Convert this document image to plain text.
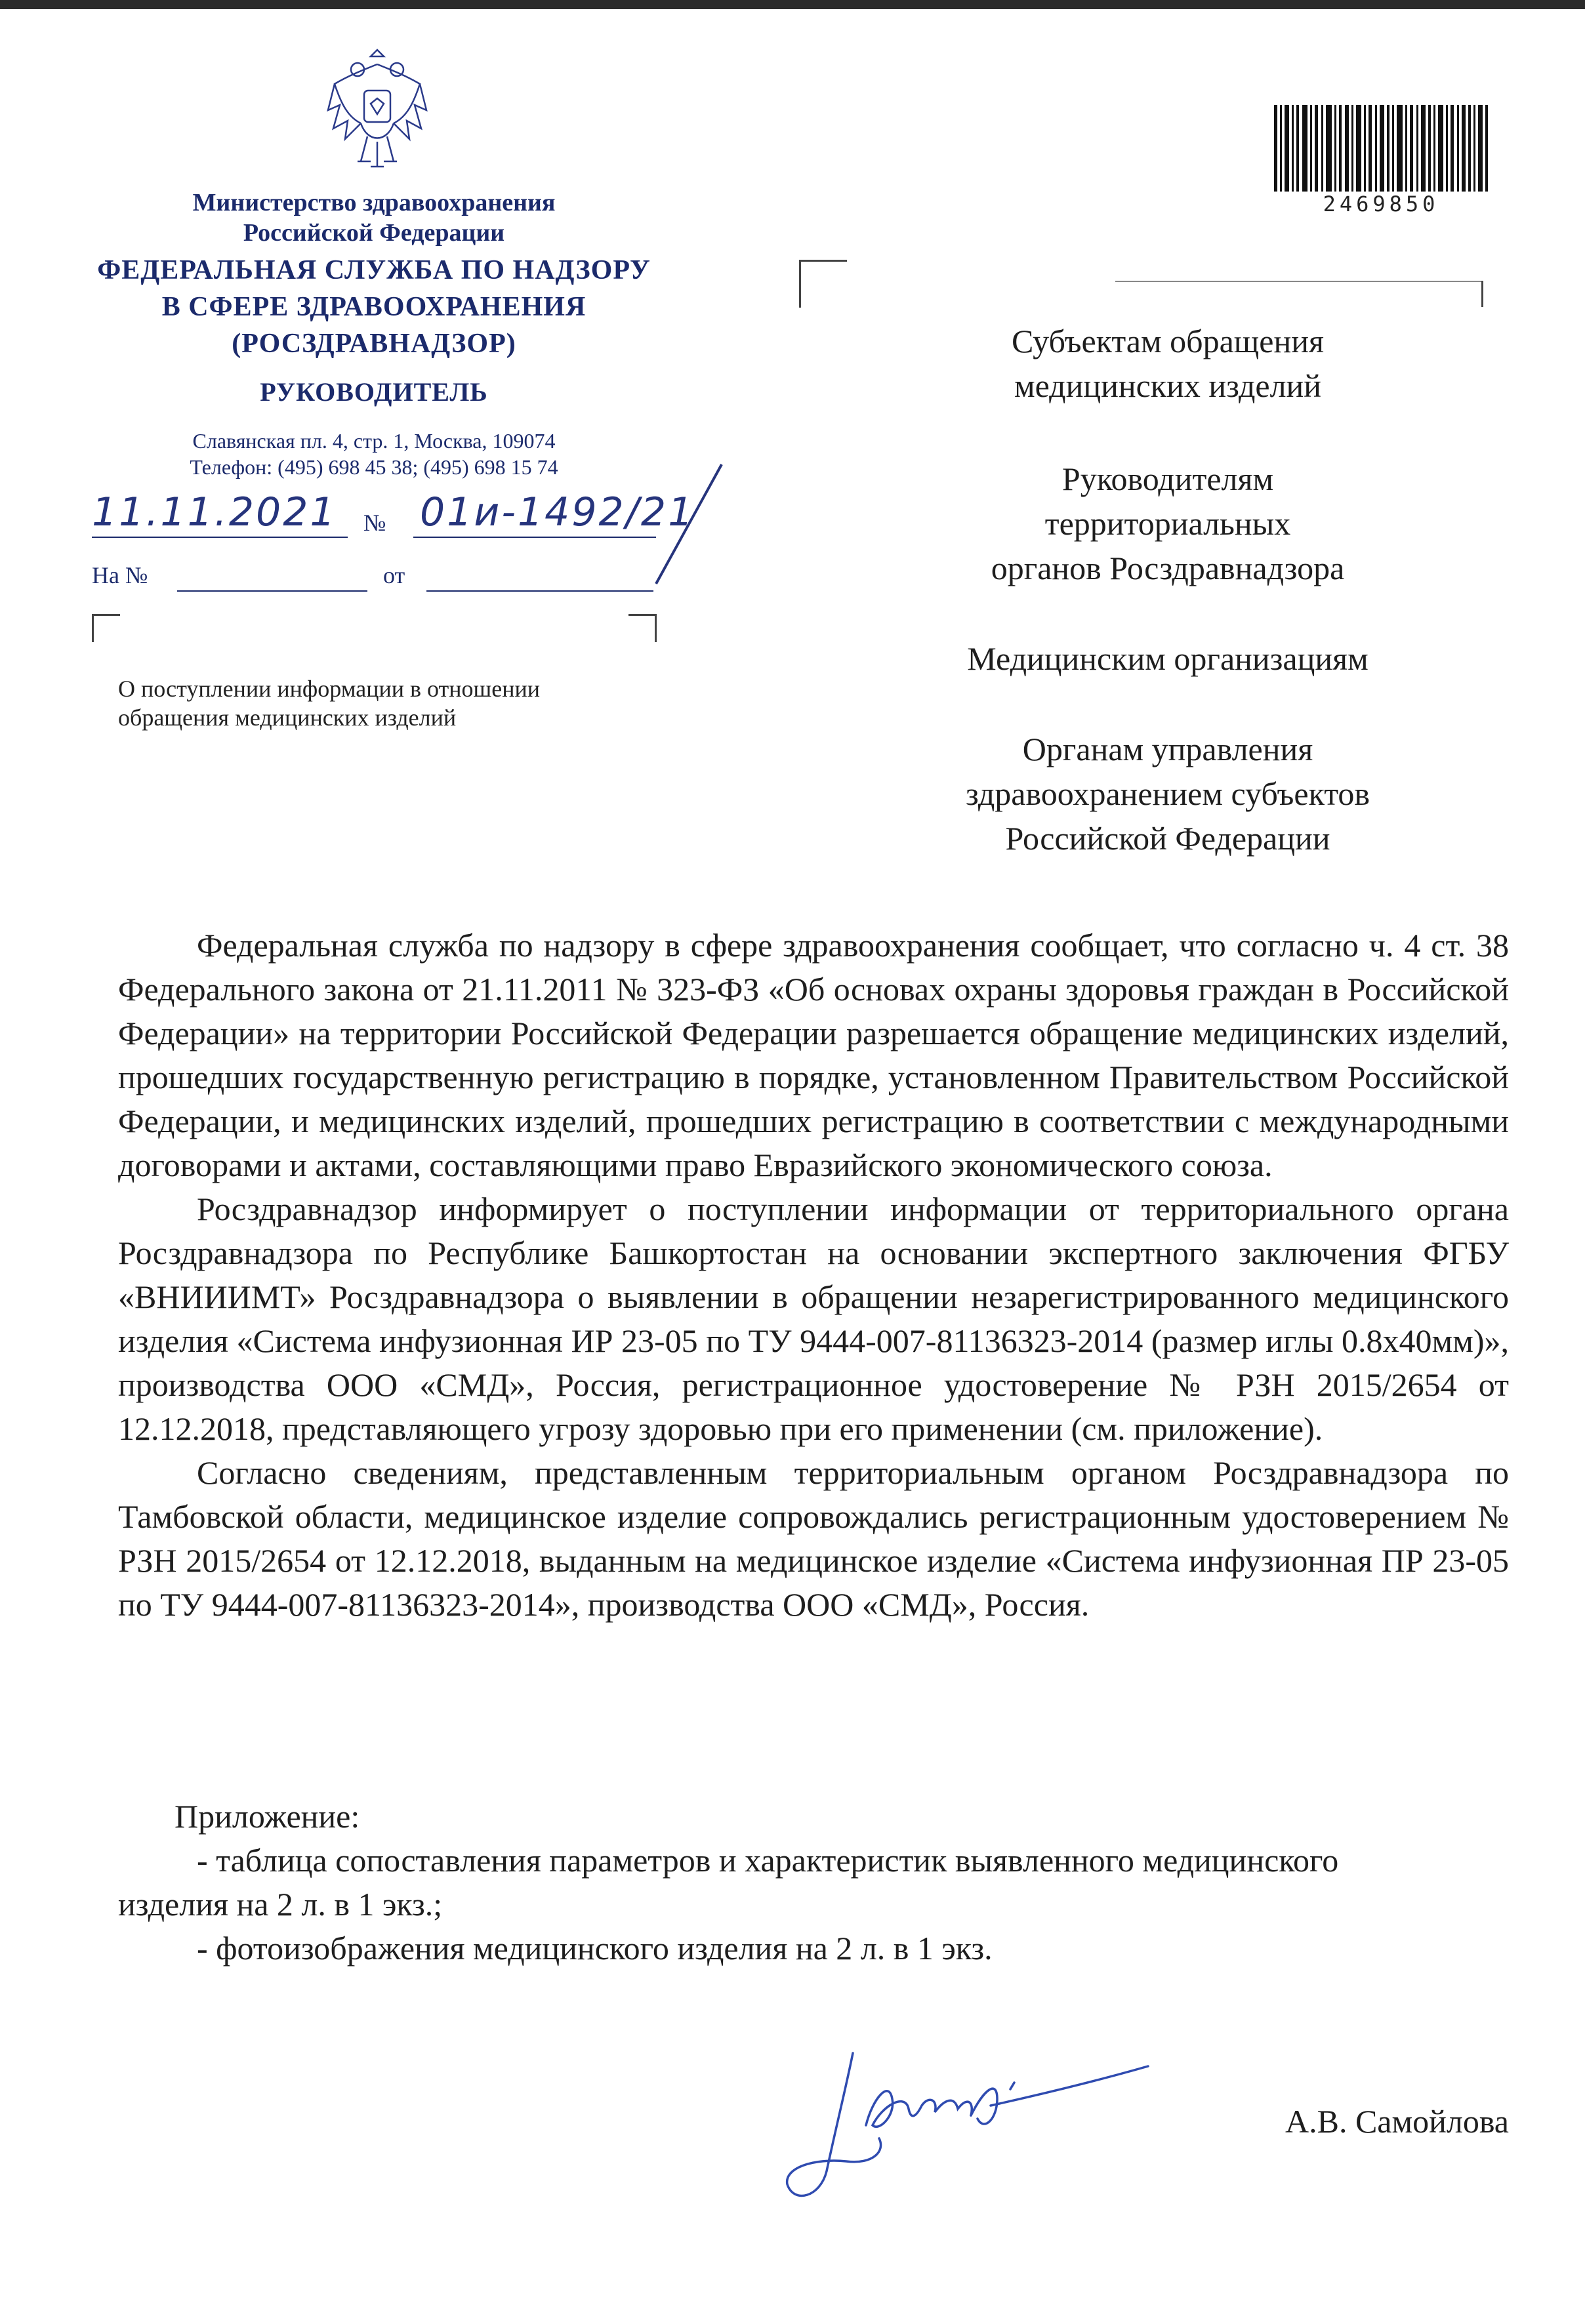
Министерство здравоохранения
Российской Федерации
ФЕДЕРАЛЬНАЯ СЛУЖБА ПО НАДЗОРУ
В СФЕРЕ ЗДРАВООХРАНЕНИЯ
(РОСЗДРАВНАДЗОР)
РУКОВОДИТЕЛЬ
Славянская пл. 4, стр. 1, Москва, 109074
Телефон: (495) 698 45 38; (495) 698 15 74
11.11.2021	№ 01и-1492/21
На №	от
О поступлении информации в отношении
обращения медицинских изделий
2469850
Субъектам обращения
медицинских изделий
Руководителям
территориальных
органов Росздравнадзора
Медицинским организациям
Органам управления
здравоохранением субъектов
Российской Федерации

Федеральная служба по надзору в сфере здравоохранения сообщает, что согласно ч. 4 ст. 38 Федерального закона от 21.11.2011 № 323-ФЗ «Об основах охраны здоровья граждан в Российской Федерации» на территории Российской Федерации разрешается обращение медицинских изделий, прошедших государственную регистрацию в порядке, установленном Правительством Российской Федерации, и медицинских изделий, прошедших регистрацию в соответствии с международными договорами и актами, составляющими право Евразийского экономического союза.

Росздравнадзор информирует о поступлении информации от территориального органа Росздравнадзора по Республике Башкортостан на основании экспертного заключения ФГБУ «ВНИИИМТ» Росздравнадзора о выявлении в обращении незарегистрированного медицинского изделия «Система инфузионная ИР 23-05 по ТУ 9444-007-81136323-2014 (размер иглы 0.8х40мм)», производства ООО «СМД», Россия, регистрационное удостоверение № РЗН 2015/2654 от 12.12.2018, представляющего угрозу здоровью при его применении (см. приложение).

Согласно сведениям, представленным территориальным органом Росздравнадзора по Тамбовской области, медицинское изделие сопровождались регистрационным удостоверением № РЗН 2015/2654 от 12.12.2018, выданным на медицинское изделие «Система инфузионная ПР 23-05 по ТУ 9444-007-81136323-2014», производства ООО «СМД», Россия.

Приложение:

- таблица сопоставления параметров и характеристик выявленного медицинского

изделия на 2 л. в 1 экз.;

- фотоизображения медицинского изделия на 2 л. в 1 экз.

А.В. Самойлова
